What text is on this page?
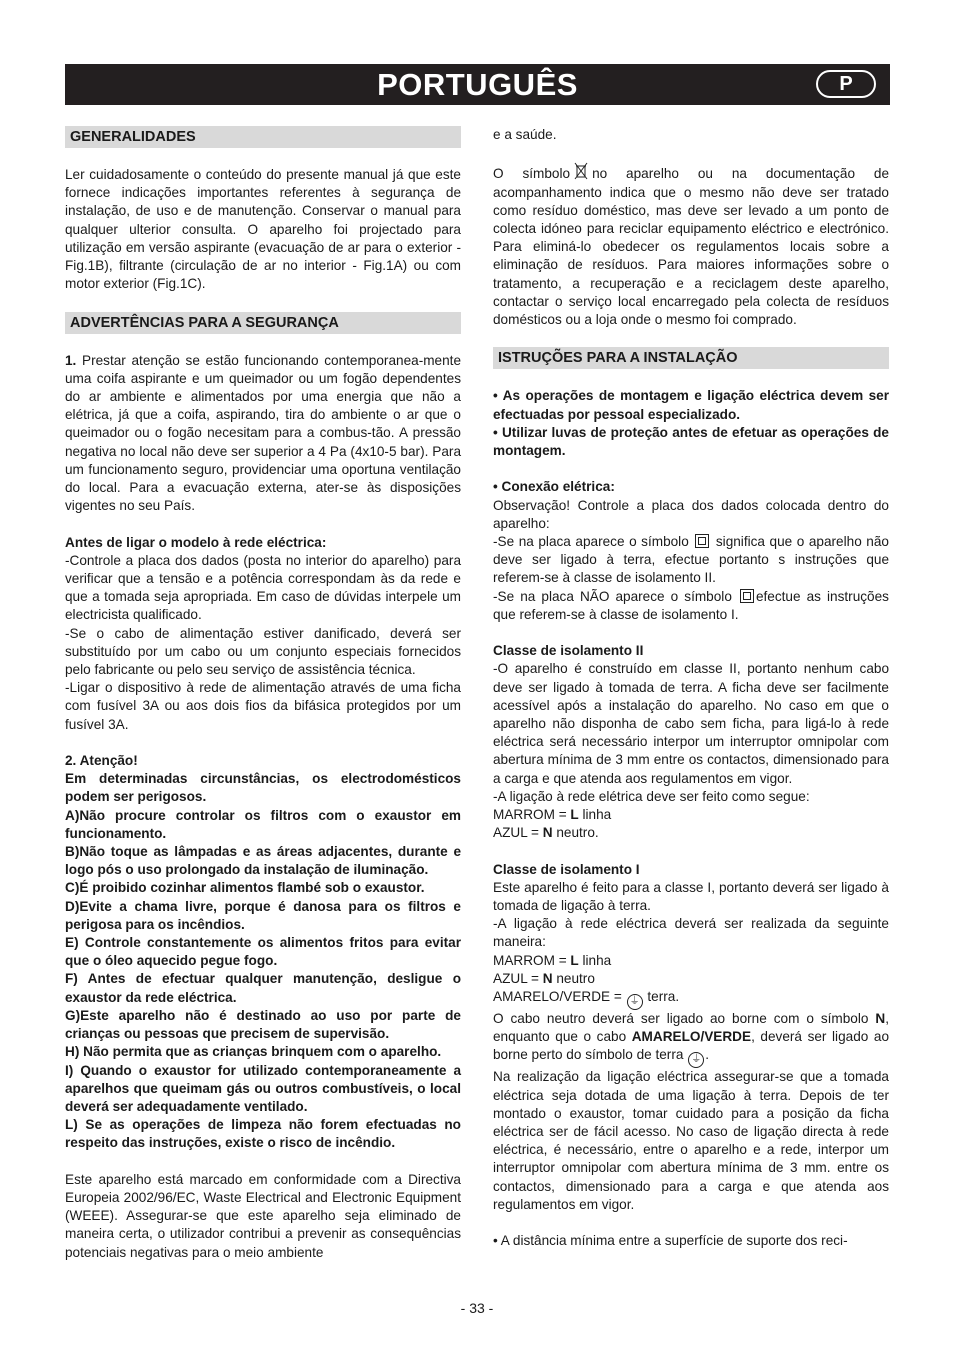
PORTUGUÊS	P
GENERALIDADES

Ler cuidadosamente o conteúdo do presente manual já que este fornece indicações importantes referentes à segurança de instalação, de uso e de manutenção. Conservar o manual para qualquer ulterior consulta. O aparelho foi projectado para utilização em versão aspirante (evacuação de ar para o exterior - Fig.1B), filtrante (circulação de ar no interior - Fig.1A) ou com motor exterior (Fig.1C).

ADVERTÊNCIAS PARA A SEGURANÇA

1. Prestar atenção se estão funcionando contemporanea-mente uma coifa aspirante e um queimador ou um fogão dependentes do ar ambiente e alimentados por uma energia que não a elétrica, já que a coifa, aspirando, tira do ambiente o ar que o queimador ou o fogão necesitam para a combus-tão. A pressão negativa no local não deve ser superior a 4 Pa (4x10-5 bar). Para um funcionamento seguro, providenciar uma oportuna ventilação do local. Para a evacuação externa, ater-se às disposições vigentes no seu País.

Antes de ligar o modelo à rede eléctrica:

-Controle a placa dos dados (posta no interior do aparelho) para verificar que a tensão e a potência correspondam às da rede e que a tomada seja apropriada. Em caso de dúvidas interpele um electricista qualificado.

-Se o cabo de alimentação estiver danificado, deverá ser substituído por um cabo ou um conjunto especiais fornecidos pelo fabricante ou pelo seu serviço de assistência técnica.

-Ligar o dispositivo à rede de alimentação através de uma ficha com fusível 3A ou aos dois fios da bifásica protegidos por um fusível 3A.

2. Atenção!

Em determinadas circunstâncias, os electrodomésticos podem ser perigosos.

A)Não procure controlar os filtros com o exaustor em funcionamento.

B)Não toque as lâmpadas e as áreas adjacentes, durante e logo pós o uso prolongado da instalação de iluminação.

C)É proibido cozinhar alimentos flambé sob o exaustor.

D)Evite a chama livre, porque é danosa para os filtros e perigosa para os incêndios.

E) Controle constantemente os alimentos fritos para evitar que o óleo aquecido pegue fogo.

F) Antes de efectuar qualquer manutenção, desligue o exaustor da rede eléctrica.

G)Este aparelho não é destinado ao uso por parte de crianças ou pessoas que precisem de supervisão.

H) Não permita que as crianças brinquem com o aparelho.

I) Quando o exaustor for utilizado contemporaneamente a aparelhos que queimam gás ou outros combustíveis, o local deverá ser adequadamente ventilado.

L) Se as operações de limpeza não forem efectuadas no respeito das instruções, existe o risco de incêndio.

Este aparelho está marcado em conformidade com a Directiva Europeia 2002/96/EC, Waste Electrical and Electronic Equipment (WEEE). Assegurar-se que este aparelho seja eliminado de maneira certa, o utilizador contribui a prevenir as consequências potenciais negativas para o meio ambiente

e a saúde.

O símbolo no aparelho ou na documentação de acompanhamento indica que o mesmo não deve ser tratado como resíduo doméstico, mas deve ser levado a um ponto de colecta idóneo para reciclar equipamento eléctrico e electrónico. Para eliminá-lo obedecer os regulamentos locais sobre a eliminação de resíduos. Para maiores informações sobre o tratamento, a recuperação e a reciclagem deste aparelho, contactar o serviço local encarregado pela colecta de resíduos domésticos ou a loja onde o mesmo foi comprado.

ISTRUÇÕES PARA A INSTALAÇÃO

• As operações de montagem e ligação eléctrica devem ser efectuadas por pessoal especializado.

• Utilizar luvas de proteção antes de efetuar as operações de montagem.

• Conexão elétrica:

Observação! Controle a placa dos dados colocada dentro do aparelho:

-Se na placa aparece o símbolo significa que o aparelho não deve ser ligado à terra, efectue portanto s instruções que referem-se à classe de isolamento II.

-Se na placa NÃO aparece o símbolo efectue as instruções que referem-se à classe de isolamento I.

Classe de isolamento II

-O aparelho é construído em classe II, portanto nenhum cabo deve ser ligado à tomada de terra. A ficha deve ser facilmente acessível após a instalação do aparelho. No caso em que o aparelho não disponha de cabo sem ficha, para ligá-lo à rede eléctrica será necessário interpor um interruptor omnipolar com abertura mínima de 3 mm entre os contactos, dimensionado para a carga e que atenda aos regulamentos em vigor.

-A ligação à rede elétrica deve ser feito como segue:

MARROM = L linha

AZUL = N neutro.

Classe de isolamento I

Este aparelho é feito para a classe I, portanto deverá ser ligado à tomada de ligação à terra.

-A ligação à rede eléctrica deverá ser realizada da seguinte maneira:

MARROM = L linha

AZUL = N neutro

AMARELO/VERDE = ⏚ terra.

O cabo neutro deverá ser ligado ao borne com o símbolo N, enquanto que o cabo AMARELO/VERDE, deverá ser ligado ao borne perto do símbolo de terra ⏚ .

Na realização da ligação eléctrica assegurar-se que a tomada eléctrica seja dotada de uma ligação à terra. Depois de ter montado o exaustor, tomar cuidado para a posição da ficha eléctrica ser de fácil acesso. No caso de ligação directa à rede eléctrica, é necessário, entre o aparelho e a rede, interpor um interruptor omnipolar com abertura mínima de 3 mm. entre os contactos, dimensionado para a carga e que atenda aos regulamentos em vigor.

• A distância mínima entre a superfície de suporte dos reci-

- 33 -
